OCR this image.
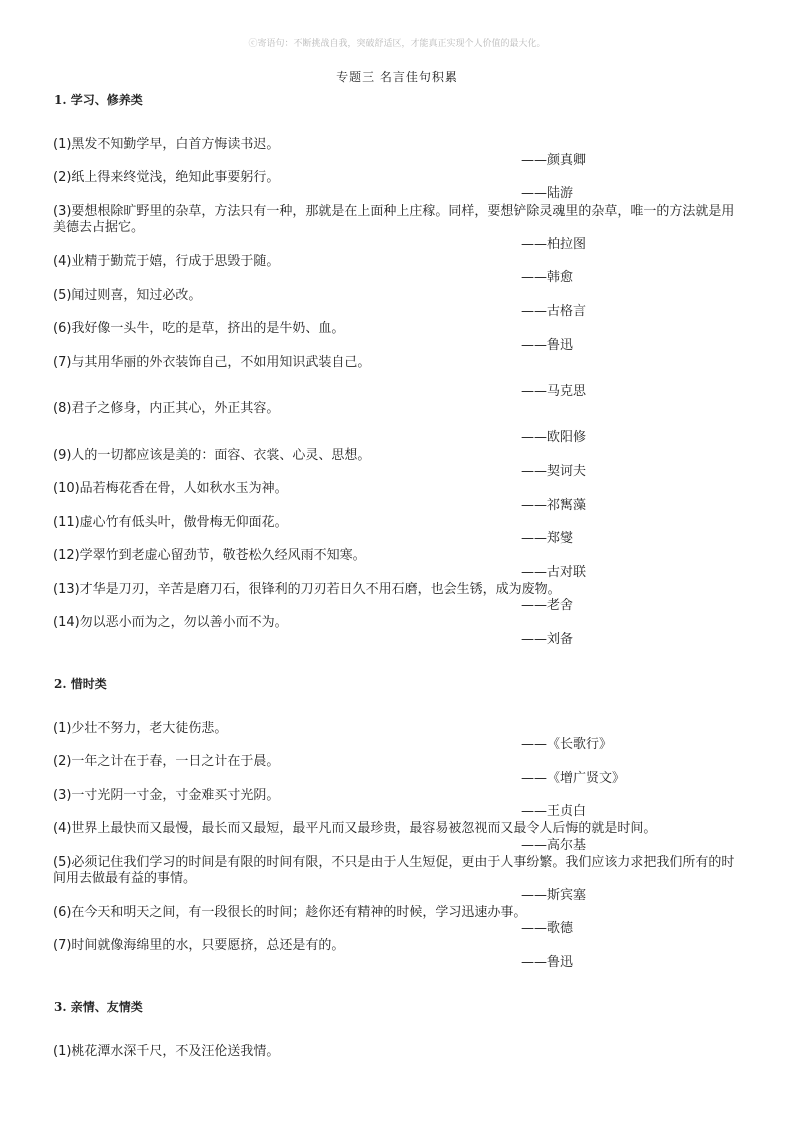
ⓒ寄语句：不断挑战自我，突破舒适区，才能真正实现个人价值的最大化。
专题三 名言佳句积累
1. 学习、修养类
(1)黑发不知勤学早，白首方悔读书迟。
——颜真卿
(2)纸上得来终觉浅，绝知此事要躬行。
——陆游
(3)要想根除旷野里的杂草，方法只有一种，那就是在上面种上庄稼。同样，要想铲除灵魂里的杂草，唯一的方法就是用
美德去占据它。
——柏拉图
(4)业精于勤荒于嬉，行成于思毁于随。
——韩愈
(5)闻过则喜，知过必改。
——古格言
(6)我好像一头牛，吃的是草，挤出的是牛奶、血。
——鲁迅
(7)与其用华丽的外衣装饰自己，不如用知识武装自己。
——马克思
(8)君子之修身，内正其心，外正其容。
——欧阳修
(9)人的一切都应该是美的：面容、衣裳、心灵、思想。
——契诃夫
(10)品若梅花香在骨，人如秋水玉为神。
——祁寯藻
(11)虚心竹有低头叶，傲骨梅无仰面花。
——郑燮
(12)学翠竹到老虚心留劲节，敬苍松久经风雨不知寒。
——古对联
(13)才华是刀刃，辛苦是磨刀石，很锋利的刀刃若日久不用石磨，也会生锈，成为废物。
——老舍
(14)勿以恶小而为之，勿以善小而不为。
——刘备
2. 惜时类
(1)少壮不努力，老大徒伤悲。
——《长歌行》
(2)一年之计在于春，一日之计在于晨。
——《增广贤文》
(3)一寸光阴一寸金，寸金难买寸光阴。
——王贞白
(4)世界上最快而又最慢，最长而又最短，最平凡而又最珍贵，最容易被忽视而又最令人后悔的就是时间。
——高尔基
(5)必须记住我们学习的时间是有限的时间有限，不只是由于人生短促，更由于人事纷繁。我们应该力求把我们所有的时
间用去做最有益的事情。
——斯宾塞
(6)在今天和明天之间，有一段很长的时间；趁你还有精神的时候，学习迅速办事。
——歌德
(7)时间就像海绵里的水，只要愿挤，总还是有的。
——鲁迅
3. 亲情、友情类
(1)桃花潭水深千尺，不及汪伦送我情。
